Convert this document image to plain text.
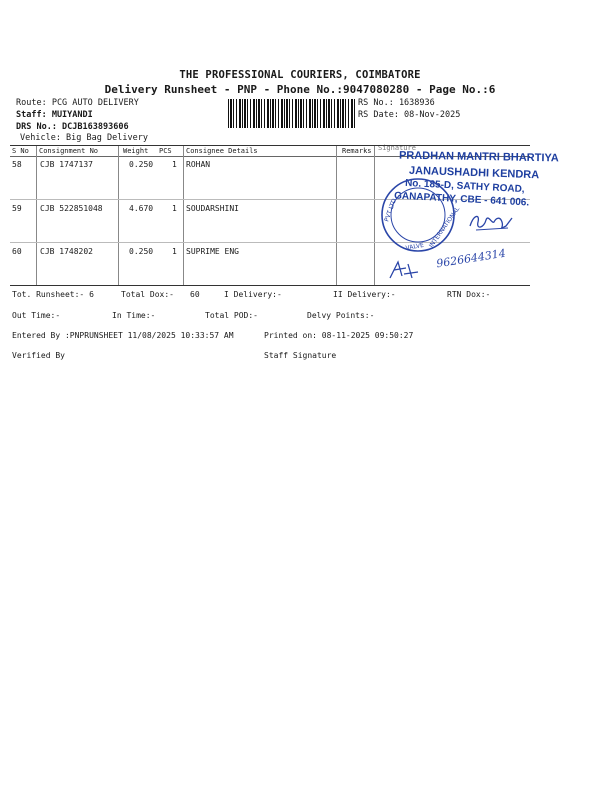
THE PROFESSIONAL COURIERS, COIMBATORE
Delivery Runsheet - PNP - Phone No.:9047080280 - Page No.:6
Route: PCG AUTO DELIVERY
Staff: MUIYANDI
DRS No.: DCJB163893606
Vehicle: Big Bag Delivery
RS No.: 1638936
RS Date: 08-Nov-2025
S No Consignment No	Weight PCS Consignee Details	Remarks Signature
58 CJB 1747137	0.250 1 ROHAN
59 CJB 522851048	4.670 1 SOUDARSHINI
60 CJB 1748202	0.250 1 SUPRIME ENG
Tot. Runsheet:- 6	Total Dox:- 60	I Delivery:-	II Delivery:-	RTN Dox:-
Out Time:-	In Time:-	Total POD:-	Delvy Points:-
Entered By :PNPRUNSHEET 11/08/2025 10:33:57 AM	Printed on: 08-11-2025 09:50:27
Verified By	Staff Signature
PRADHAN MANTRI BHARTIYA
JANAUSHADHI KENDRA
No. 185-D, SATHY ROAD,
GANAPATHY, CBE - 641 006.
PVT LTD
VALVE INTERNATIONAL
9626644314
